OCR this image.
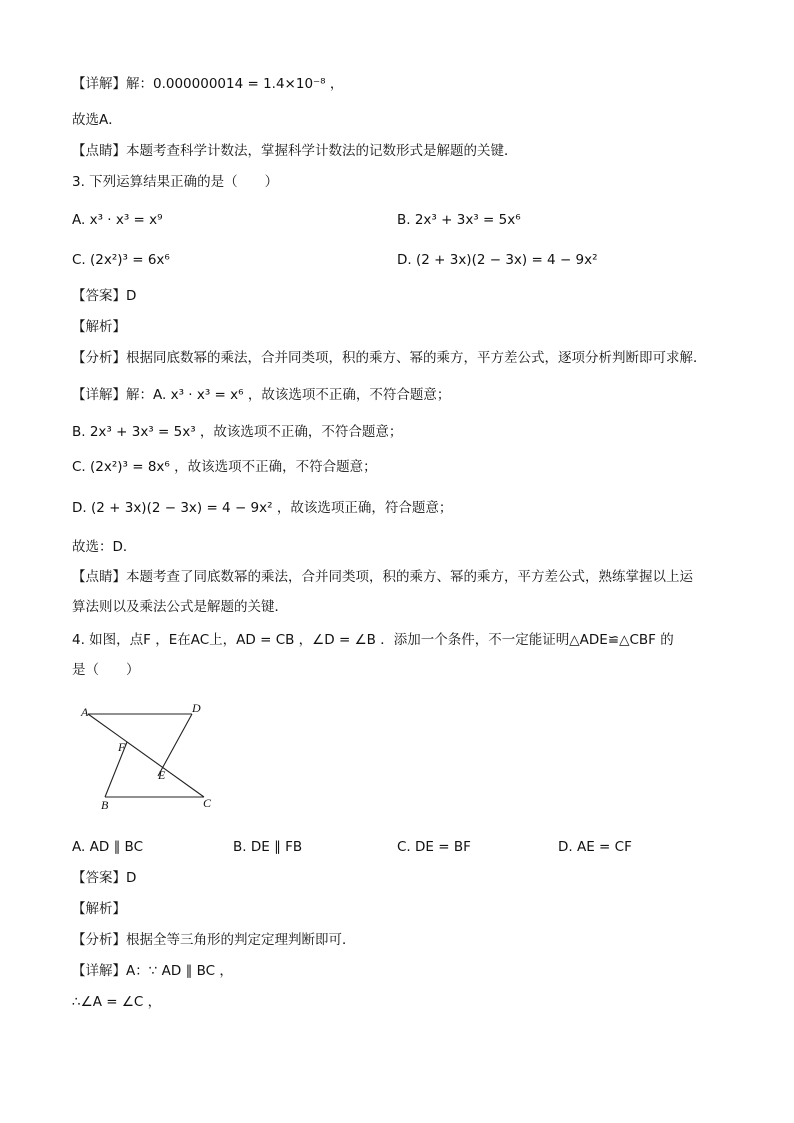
【详解】解：0.000000014 = 1.4×10⁻⁸ ，
故选A．
【点睛】本题考查科学计数法，掌握科学计数法的记数形式是解题的关键．
3. 下列运算结果正确的是（　　）
A. x³ · x³ = x⁹	B. 2x³ + 3x³ = 5x⁶
C. (2x²)³ = 6x⁶	D. (2 + 3x)(2 − 3x) = 4 − 9x²
【答案】D
【解析】
【分析】根据同底数幂的乘法，合并同类项，积的乘方、幂的乘方，平方差公式，逐项分析判断即可求解．
【详解】解：A. x³ · x³ = x⁶ ，故该选项不正确，不符合题意；
B. 2x³ + 3x³ = 5x³ ，故该选项不正确，不符合题意；
C. (2x²)³ = 8x⁶ ，故该选项不正确，不符合题意；
D. (2 + 3x)(2 − 3x) = 4 − 9x² ，故该选项正确，符合题意；
故选：D．
【点睛】本题考查了同底数幂的乘法，合并同类项，积的乘方、幂的乘方，平方差公式，熟练掌握以上运
算法则以及乘法公式是解题的关键．
4. 如图，点F ，E在AC上，AD = CB ，∠D = ∠B ．添加一个条件，不一定能证明△ADE≌△CBF 的
是（　　）
A	D
F
E
B	C
A. AD ∥ BC	B. DE ∥ FB	C. DE = BF	D. AE = CF
【答案】D
【解析】
【分析】根据全等三角形的判定定理判断即可．
【详解】A：∵ AD ∥ BC ，
∴∠A = ∠C ，
